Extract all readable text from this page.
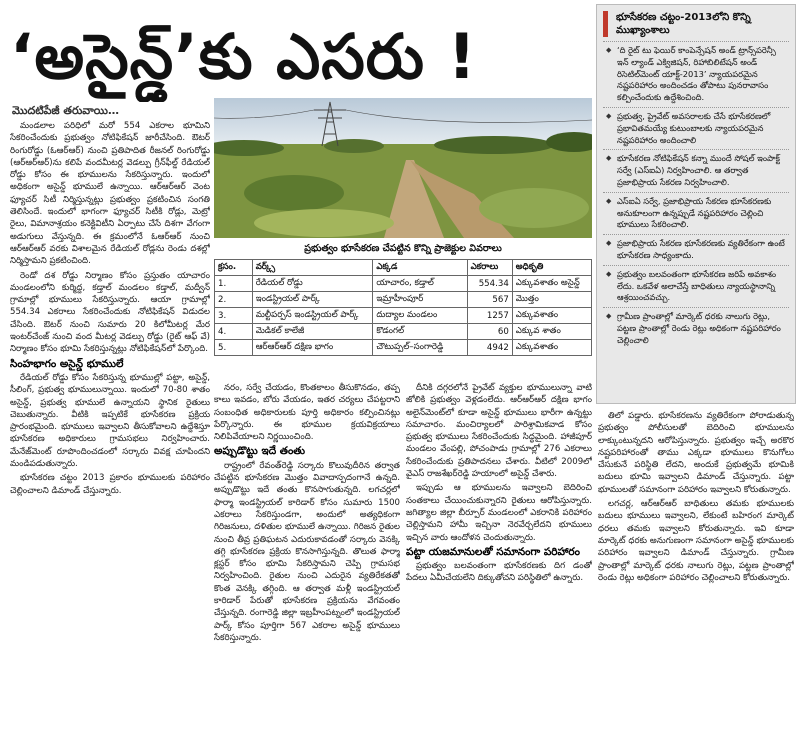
‘అసైన్డ్’కు ఎసరు !
మొదటిపేజీ తరువాయి…

మండలాల పరిధిలో మరో 554 ఎకరాల భూమిని సేకరించేందుకు ప్రభుత్వం నోటిఫికేషన్ జారీచేసింది. ఔటర్ రింగురోడ్డు (ఓఆర్ఆర్) నుంచి ప్రతిపాదిత రీజనల్ రింగురోడ్డు (ఆర్ఆర్ఆర్)ను కలిపే వందమీటర్ల వెడల్పు గ్రీన్‌ఫీల్డ్ రేడియల్ రోడ్డు కోసం ఈ భూములను సేకరిస్తున్నారు. ఇందులో అధికంగా అసైన్డ్ భూములే ఉన్నాయి. ఆర్‌ఆర్ఆర్ వెంట ఫ్యూచర్ సిటీ నిర్మిస్తున్నట్లు ప్రభుత్వం ప్రకటించిన సంగతి తెలిసిందే. ఇందులో భాగంగా ఫ్యూచర్ సిటీకి రోడ్లు, మెట్రో రైలు, విమానాశ్రయం కనెక్టివిటీని ఏర్పాటు చేసే దిశగా వేగంగా అడుగులు వేస్తున్నది. ఈ క్రమంలోనే ఓఆర్ఆర్ నుంచి ఆర్ఆర్ఆర్ వరకు విశాలమైన రేడియల్ రోడ్లను రెండు దశల్లో నిర్మిస్తామని ప్రకటించింది.

రెండో దశ రోడ్డు నిర్మాణం కోసం ప్రస్తుతం యాచారం మండలంలోని కుర్మిద్ద, కడ్తాల్ మండలం కడ్తాల్, మద్వీన్ గ్రామాల్లో భూములు సేకరిస్తున్నారు. ఆయా గ్రామాల్లో 554.34 ఎకరాలు సేకరించేందుకు నోటిఫికేషన్ విడుదల చేసింది. ఔటర్ నుంచి సుమారు 20 కిలోమీటర్ల మేర ఇంటర్‌చేంజ్ నుంచి వంద మీటర్ల వెడల్పు రోడ్డు (రైట్ ఆఫ్ వే) నిర్మాణం కోసం భూమి సేకరిస్తున్నట్లు నోటిఫికేషన్‌లో పేర్కొంది.

సింహభాగం అసైన్డ్‌ భూములే

రేడియల్ రోడ్డు కోసం సేకరిస్తున్న భూముల్లో పట్టా, అసైన్డ్, సీలింగ్, ప్రభుత్వ భూములున్నాయి. ఇందులో 70-80 శాతం అసైన్డ్, ప్రభుత్వ భూములే ఉన్నాయని స్థానిక రైతులు చెబుతున్నారు. వీటికి ఇప్పటికే భూసేకరణ ప్రక్రియ ప్రారంభమైంది. భూములు ఇవ్వాలని తీసుకోవాలని ఉద్దేశిస్తూ భూసేకరణ అధికారులు గ్రామసభలు నిర్వహించారు. మేనేజ్‌మెంట్ రూపొందించడంలో సర్కారు వివక్ష చూపిందని మండిపడుతున్నారు.

భూసేకరణ చట్టం 2013 ప్రకారం భూములకు పరిహారం చెల్లించాలని డిమాండ్ చేస్తున్నారు.

ప్రభుత్వం భూసేకరణ చేపట్టిన కొన్ని ప్రాజెక్టుల వివరాలు
క్రసం.	వర్క్స్	ఎక్కడ	ఎకరాలు	అధికృతి
1.	రేడియల్ రోడ్డు	యాచారం, కడ్తాల్	554.34	ఎక్కువశాతం అసైన్డ్
2.	ఇండస్ట్రియల్ పార్క్	ఇమ్రాహీంపూర్	567	మొత్తం
3.	మల్టీపర్పస్ ఇండస్ట్రియల్ పార్క్	దుద్యాల మండలం	1257	ఎక్కువశాతం
4.	మెడికల్ కాలేజీ	కొడంగల్	60	ఎక్కువ శాతం
5.	ఆర్ఆర్ఆర్ దక్షిణ భాగం	చౌటుప్పల్–సంగారెడ్డి	4942	ఎక్కువశాతం

నరం, సర్వే చేయడం, కొంతకాలం తీసుకొనడం, తప్ప కాలు ఇవడం, బోరు వేయడం, ఇతర చర్యలు చేపట్టరాని సంబంధిత అధికారులకు పూర్తి అధికారం కల్పించినట్లు పేర్కొన్నారు. ఈ భూముల క్రయవిక్రయాలు నిలిపివేయాలని నిర్ణయించింది.

అప్పుడొట్టు ఇదే తంతు

రాష్ట్రంలో రేవంత్‌రెడ్డి సర్కారు కొలువుదీరిన తర్వాత చేపట్టిన భూసేకరణ మొత్తం వివాదాస్పదంగానే ఉన్నది. అప్పుడొట్టు ఇదే తంతు కొనసాగుతున్నది. లగచర్లలో ఫార్మా ఇండస్ట్రియల్ కారిడార్ కోసం సుమారు 1500 ఎకరాలు సేకరిస్తుండగా, అందులో అత్యధికంగా గిరిజనులు, దళితుల భూములే ఉన్నాయి. గిరిజన రైతుల నుంచి తీవ్ర ప్రతిఘటన ఎదురుకావడంతో సర్కారు వెనక్కి తగ్గి భూసేకరణ ప్రక్రియ కొనసాగిస్తున్నది. తొలుత ఫార్మా క్లస్టర్ కోసం భూమి సేకరిస్తామని చెప్పి గ్రామసభ నిర్వహించింది. రైతుల నుంచి ఎదురైన వ్యతిరేకతతో కొంత వెనక్కి తగ్గింది. ఆ తర్వాత మళ్లీ ఇండస్ట్రియల్ కారిడార్ పేరుతో భూసేకరణ ప్రక్రియను వేగవంతం చేస్తున్నది. రంగారెడ్డి జిల్లా ఇబ్రహీంపట్నంలో ఇండస్ట్రియల్ పార్క్ కోసం పూర్తిగా 567 ఎకరాల అసైన్డ్ భూములు సేకరిస్తున్నారు.

దీనికి దగ్గరలోనే ప్రైవేట్ వ్యక్తుల భూములున్నా వాటి జోలికి ప్రభుత్వం వెళ్లడంలేదు. ఆర్ఆర్ఆర్ దక్షిణ భాగం అలైన్‌మెంట్‌లో కూడా అసైన్డ్ భూములు భారీగా ఉన్నట్టు సమాచారం. మంచిర్యాలలో పారిశ్రామికవాడ కోసం ప్రభుత్వ భూములు సేకరించేందుకు సిద్ధమైంది. హాజీపూర్ మండలం వేంపల్లి, పోచంపాడు గ్రామాల్లో 276 ఎకరాలు సేకరించేందుకు ప్రతిపాదనలు చేశారు. వీటిలో 2009లో వైఎస్ రాజశేఖర్‌రెడ్డి హయాంలో అసైన్డ్ చేశారు.

ఇప్పుడు ఆ భూములను ఇవ్వాలని బెదిరించి సంతకాలు చేయించుకున్నారని రైతులు ఆరోపిస్తున్నారు. జగిత్యాల జిల్లా బీర్పూర్ మండలంలో ఎకరానికి పరిహారం చెల్లిస్తామని హామీ ఇచ్చినా నెరవేర్చలేదని భూములు ఇచ్చిన వారు ఆందోళన చెందుతున్నారు.

పట్టా యజమానులతో సమానంగా పరిహారం

ప్రభుత్వం బలవంతంగా భూసేకరణకు దిగ డంతో పేదలు ఏమీచేయలేని దిక్కుతోచని పరిస్థితిలో ఉన్నారు.

భూసేకరణ చట్టం-2013లోని కొన్ని ముఖ్యాంశాలు
◆ ‘ది రైట్ టు ఫెయిర్ కాంపెన్సేషన్ అండ్ ట్రాన్స్‌పరెన్సీ ఇన్ ల్యాండ్ ఎక్విజిషన్, రిహాబిలిటేషన్ అండ్ రిసెటిల్‌మెంట్ యాక్ట్-2013’ న్యాయపరమైన నష్టపరిహారం అందించడం తోపాటు పునరావాసం కల్పించేందుకు ఉద్దేశించింది.
◆ ప్రభుత్వ, ప్రైవేట్ అవసరాలకు చేసే భూసేకరణలో ప్రభావితమయ్యే కుటుంబాలకు న్యాయపరమైన నష్టపరిహారం అందించాలి
◆ భూసేకరణ నోటిఫికేషన్ కన్నా ముందే సోషల్ ఇంపాక్ట్ సర్వే (ఎస్ఐఏ) నిర్వహించాలి. ఆ తర్వాత ప్రజాభిప్రాయ సేకరణ నిర్వహించాలి.
◆ ఎస్ఐఏ సర్వే, ప్రజాభిప్రాయ సేకరణ భూసేకరణకు అనుకూలంగా ఉన్నప్పుడే నష్టపరిహారం చెల్లించి భూములు సేకరించాలి.
◆ ప్రజాభిప్రాయ సేకరణ భూసేకరణకు వ్యతిరేకంగా ఉంటే భూసేకరణ సాధ్యంకాదు.
◆ ప్రభుత్వం బలవంతంగా భూసేకరణ జరిపే అవకాశం లేదు. ఒకవేళ అలాచేస్తే బాధితులు న్యాయస్థానాన్ని ఆశ్రయించవచ్చు.
◆ గ్రామీణ ప్రాంతాల్లో మార్కెట్ ధరకు నాలుగు రెట్లు, పట్టణ ప్రాంతాల్లో రెండు రెట్లు అధికంగా నష్టపరిహారం చెల్లించాలి

తిలో పడ్డారు. భూసేకరణను వ్యతిరేకంగా పోరాడుతున్న ప్రభుత్వం పోలీసులతో బెదిరించి భూములను లాక్కుంటున్నదని ఆరోపిస్తున్నారు. ప్రభుత్వం ఇచ్చే అరకొర నష్టపరిహారంతో తాము ఎక్కడా భూములు కొనుగోలు చేసుకునే పరిస్థితి లేదని, అందుకే ప్రభుత్వమే భూమికి బదులు భూమి ఇవ్వాలని డిమాండ్ చేస్తున్నారు. పట్టా భూములతో సమానంగా పరిహారం ఇవ్వాలని కోరుతున్నారు.

లగచర్ల, ఆర్ఆర్ఆర్ బాధితులు తమకు భూములకు బదులు భూములు ఇవ్వాలని, లేకుంటే బహిరంగ మార్కెట్ ధరలు తమకు ఇవ్వాలని కోరుతున్నారు. ఇవి కూడా మార్కెట్ ధరకు అనుగుణంగా సమానంగా అసైన్డ్ భూములకు పరిహారం ఇవ్వాలని డిమాండ్ చేస్తున్నారు. గ్రామీణ ప్రాంతాల్లో మార్కెట్ ధరకు నాలుగు రెట్లు, పట్టణ ప్రాంతాల్లో రెండు రెట్లు అధికంగా పరిహారం చెల్లించాలని కోరుతున్నారు.
